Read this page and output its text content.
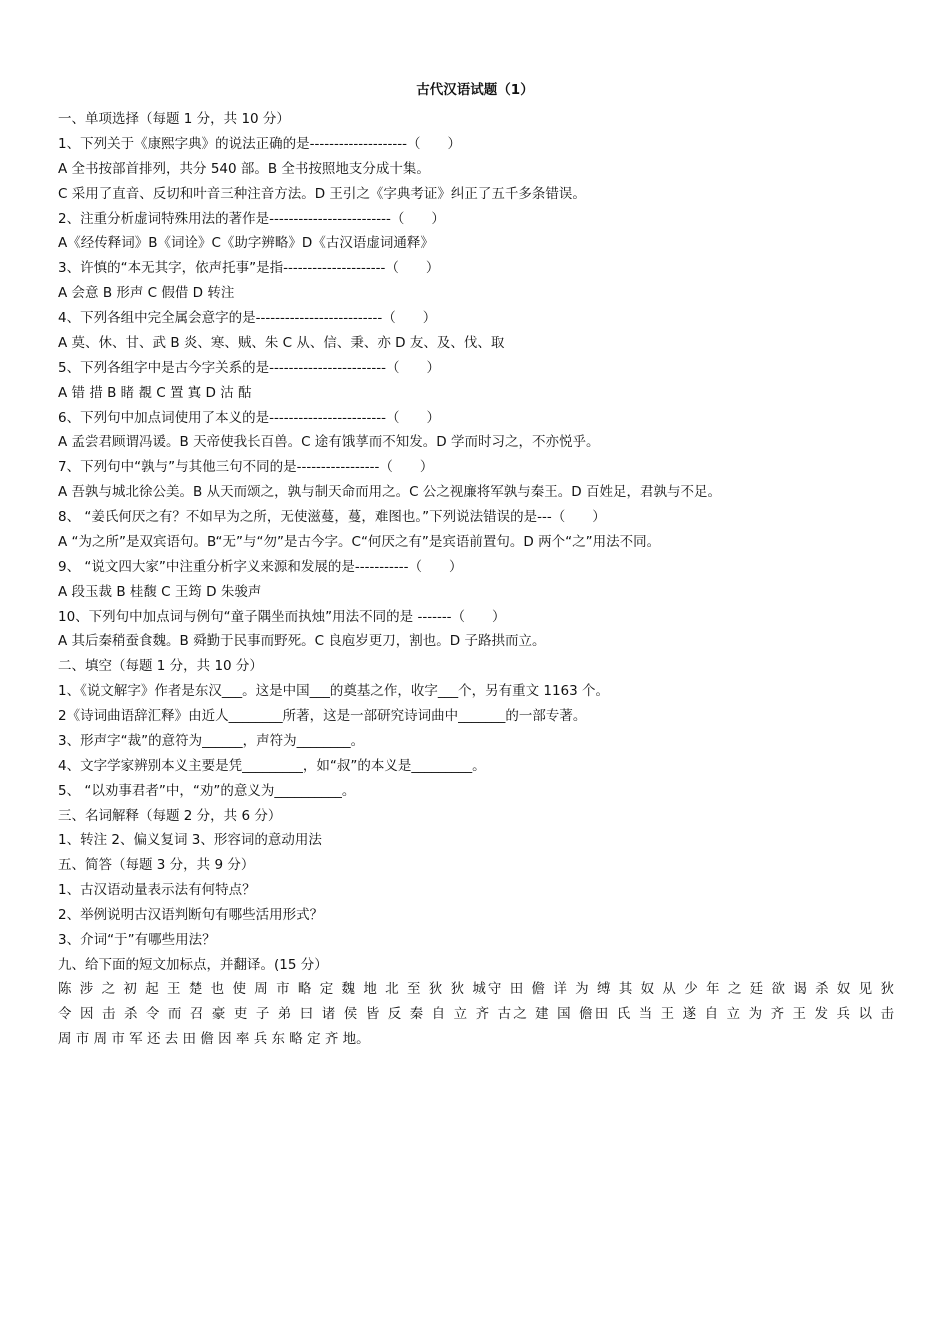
古代汉语试题（1）
一、单项选择（每题 1 分，共 10 分）
1、下列关于《康熙字典》的说法正确的是--------------------（　　）
A 全书按部首排列，共分 540 部。B 全书按照地支分成十集。
C 采用了直音、反切和叶音三种注音方法。D 王引之《字典考证》纠正了五千多条错误。
2、注重分析虚词特殊用法的著作是-------------------------（　　）
A《经传释词》B《词诠》C《助字辨略》D《古汉语虚词通释》
3、许慎的“本无其字，依声托事”是指---------------------（　　）
A 会意 B 形声 C 假借 D 转注
4、下列各组中完全属会意字的是--------------------------（　　）
A 莫、休、甘、武 B 炎、寒、贼、朱 C 从、信、秉、亦 D 友、及、伐、取
5、下列各组字中是古今字关系的是------------------------（　　）
A 错 措 B 睹 覩 C 置 寘 D 沽 酤
6、下列句中加点词使用了本义的是------------------------（　　）
A 孟尝君顾谓冯谖。B 天帝使我长百兽。C 途有饿莩而不知发。D 学而时习之，不亦悦乎。
7、下列句中“孰与”与其他三句不同的是-----------------（　　）
A 吾孰与城北徐公美。B 从天而颂之，孰与制天命而用之。C 公之视廉将军孰与秦王。D 百姓足，君孰与不足。
8、 “姜氏何厌之有？不如早为之所，无使滋蔓，蔓，难图也。”下列说法错误的是---（　　）
A “为之所”是双宾语句。B“无”与“勿”是古今字。C“何厌之有”是宾语前置句。D 两个“之”用法不同。
9、 “说文四大家”中注重分析字义来源和发展的是-----------（　　）
A 段玉裁 B 桂馥 C 王筠 D 朱骏声
10、下列句中加点词与例句“童子隅坐而执烛”用法不同的是 -------（　　）
A 其后秦稍蚕食魏。B 舜勤于民事而野死。C 良庖岁更刀，割也。D 子路拱而立。
二、填空（每题 1 分，共 10 分）
1、《说文解字》作者是东汉___。这是中国___的奠基之作，收字___个，另有重文 1163 个。
2《诗词曲语辞汇释》由近人________所著，这是一部研究诗词曲中_______的一部专著。
3、形声字“裁”的意符为______，声符为________。
4、文字学家辨别本义主要是凭_________，如“叔”的本义是_________。
5、 “以劝事君者”中，“劝”的意义为__________。
三、名词解释（每题 2 分，共 6 分）
1、转注 2、偏义复词 3、形容词的意动用法
五、简答（每题 3 分，共 9 分）
1、古汉语动量表示法有何特点？
2、举例说明古汉语判断句有哪些活用形式？
3、介词“于”有哪些用法？
九、给下面的短文加标点，并翻译。(15 分）
陈 涉 之 初 起 王 楚 也 使 周 市 略 定 魏 地 北 至 狄 狄 城守 田 儋 详 为 缚 其 奴 从 少 年 之 廷 欲 谒 杀 奴 见 狄
令 因 击 杀 令 而 召 豪 吏 子 弟 曰 诸 侯 皆 反 秦 自 立 齐 古之 建 国 儋田 氏 当 王 遂 自 立 为 齐 王 发 兵 以 击
周 市 周 市 军 还 去 田 儋 因 率 兵 东 略 定 齐 地。
